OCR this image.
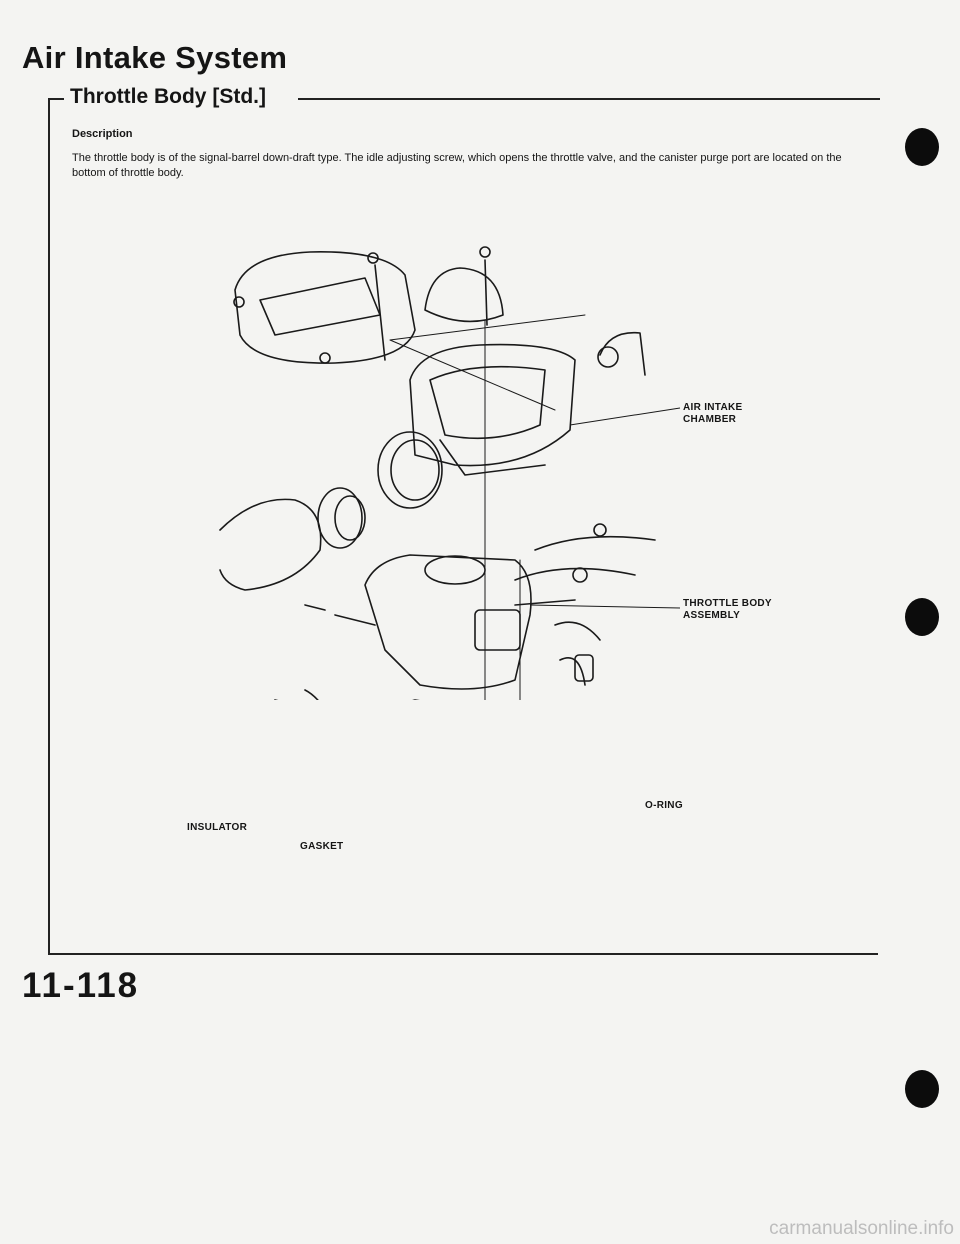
Air Intake System
Throttle Body [Std.]
Description
The throttle body is of the signal-barrel down-draft type. The idle adjusting screw, which opens the throttle valve, and the canister purge port are located on the bottom of throttle body.
AIR INTAKE
CHAMBER
THROTTLE BODY
ASSEMBLY
O-RING
INSULATOR
GASKET
11-118
carmanualsonline.info
